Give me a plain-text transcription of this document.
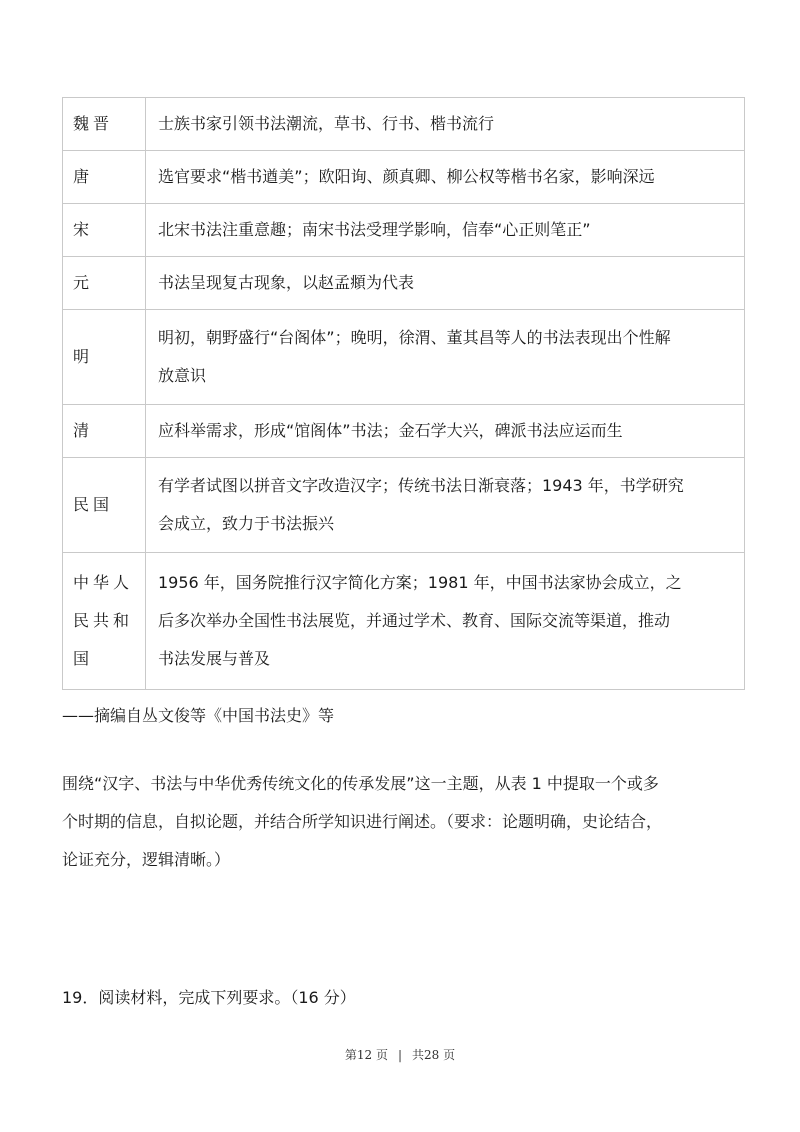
魏晋	士族书家引领书法潮流，草书、行书、楷书流行

唐	选官要求“楷书遒美”；欧阳询、颜真卿、柳公权等楷书名家，影响深远

宋	北宋书法注重意趣；南宋书法受理学影响，信奉“心正则笔正”

元	书法呈现复古现象，以赵孟頫为代表

明	明初，朝野盛行“台阁体”；晚明，徐渭、董其昌等人的书法表现出个性解
放意识

清	应科举需求，形成“馆阁体”书法；金石学大兴，碑派书法应运而生

民国	有学者试图以拼音文字改造汉字；传统书法日渐衰落；1943 年，书学研究
会成立，致力于书法振兴

中华人
民共和
国	1956 年，国务院推行汉字简化方案；1981 年，中国书法家协会成立，之
后多次举办全国性书法展览，并通过学术、教育、国际交流等渠道，推动
书法发展与普及
——摘编自丛文俊等《中国书法史》等
围绕“汉字、书法与中华优秀传统文化的传承发展”这一主题，从表 1 中提取一个或多
个时期的信息，自拟论题，并结合所学知识进行阐述。（要求：论题明确，史论结合，
论证充分，逻辑清晰。）
19．阅读材料，完成下列要求。（16 分）
第12 页 | 共28 页
